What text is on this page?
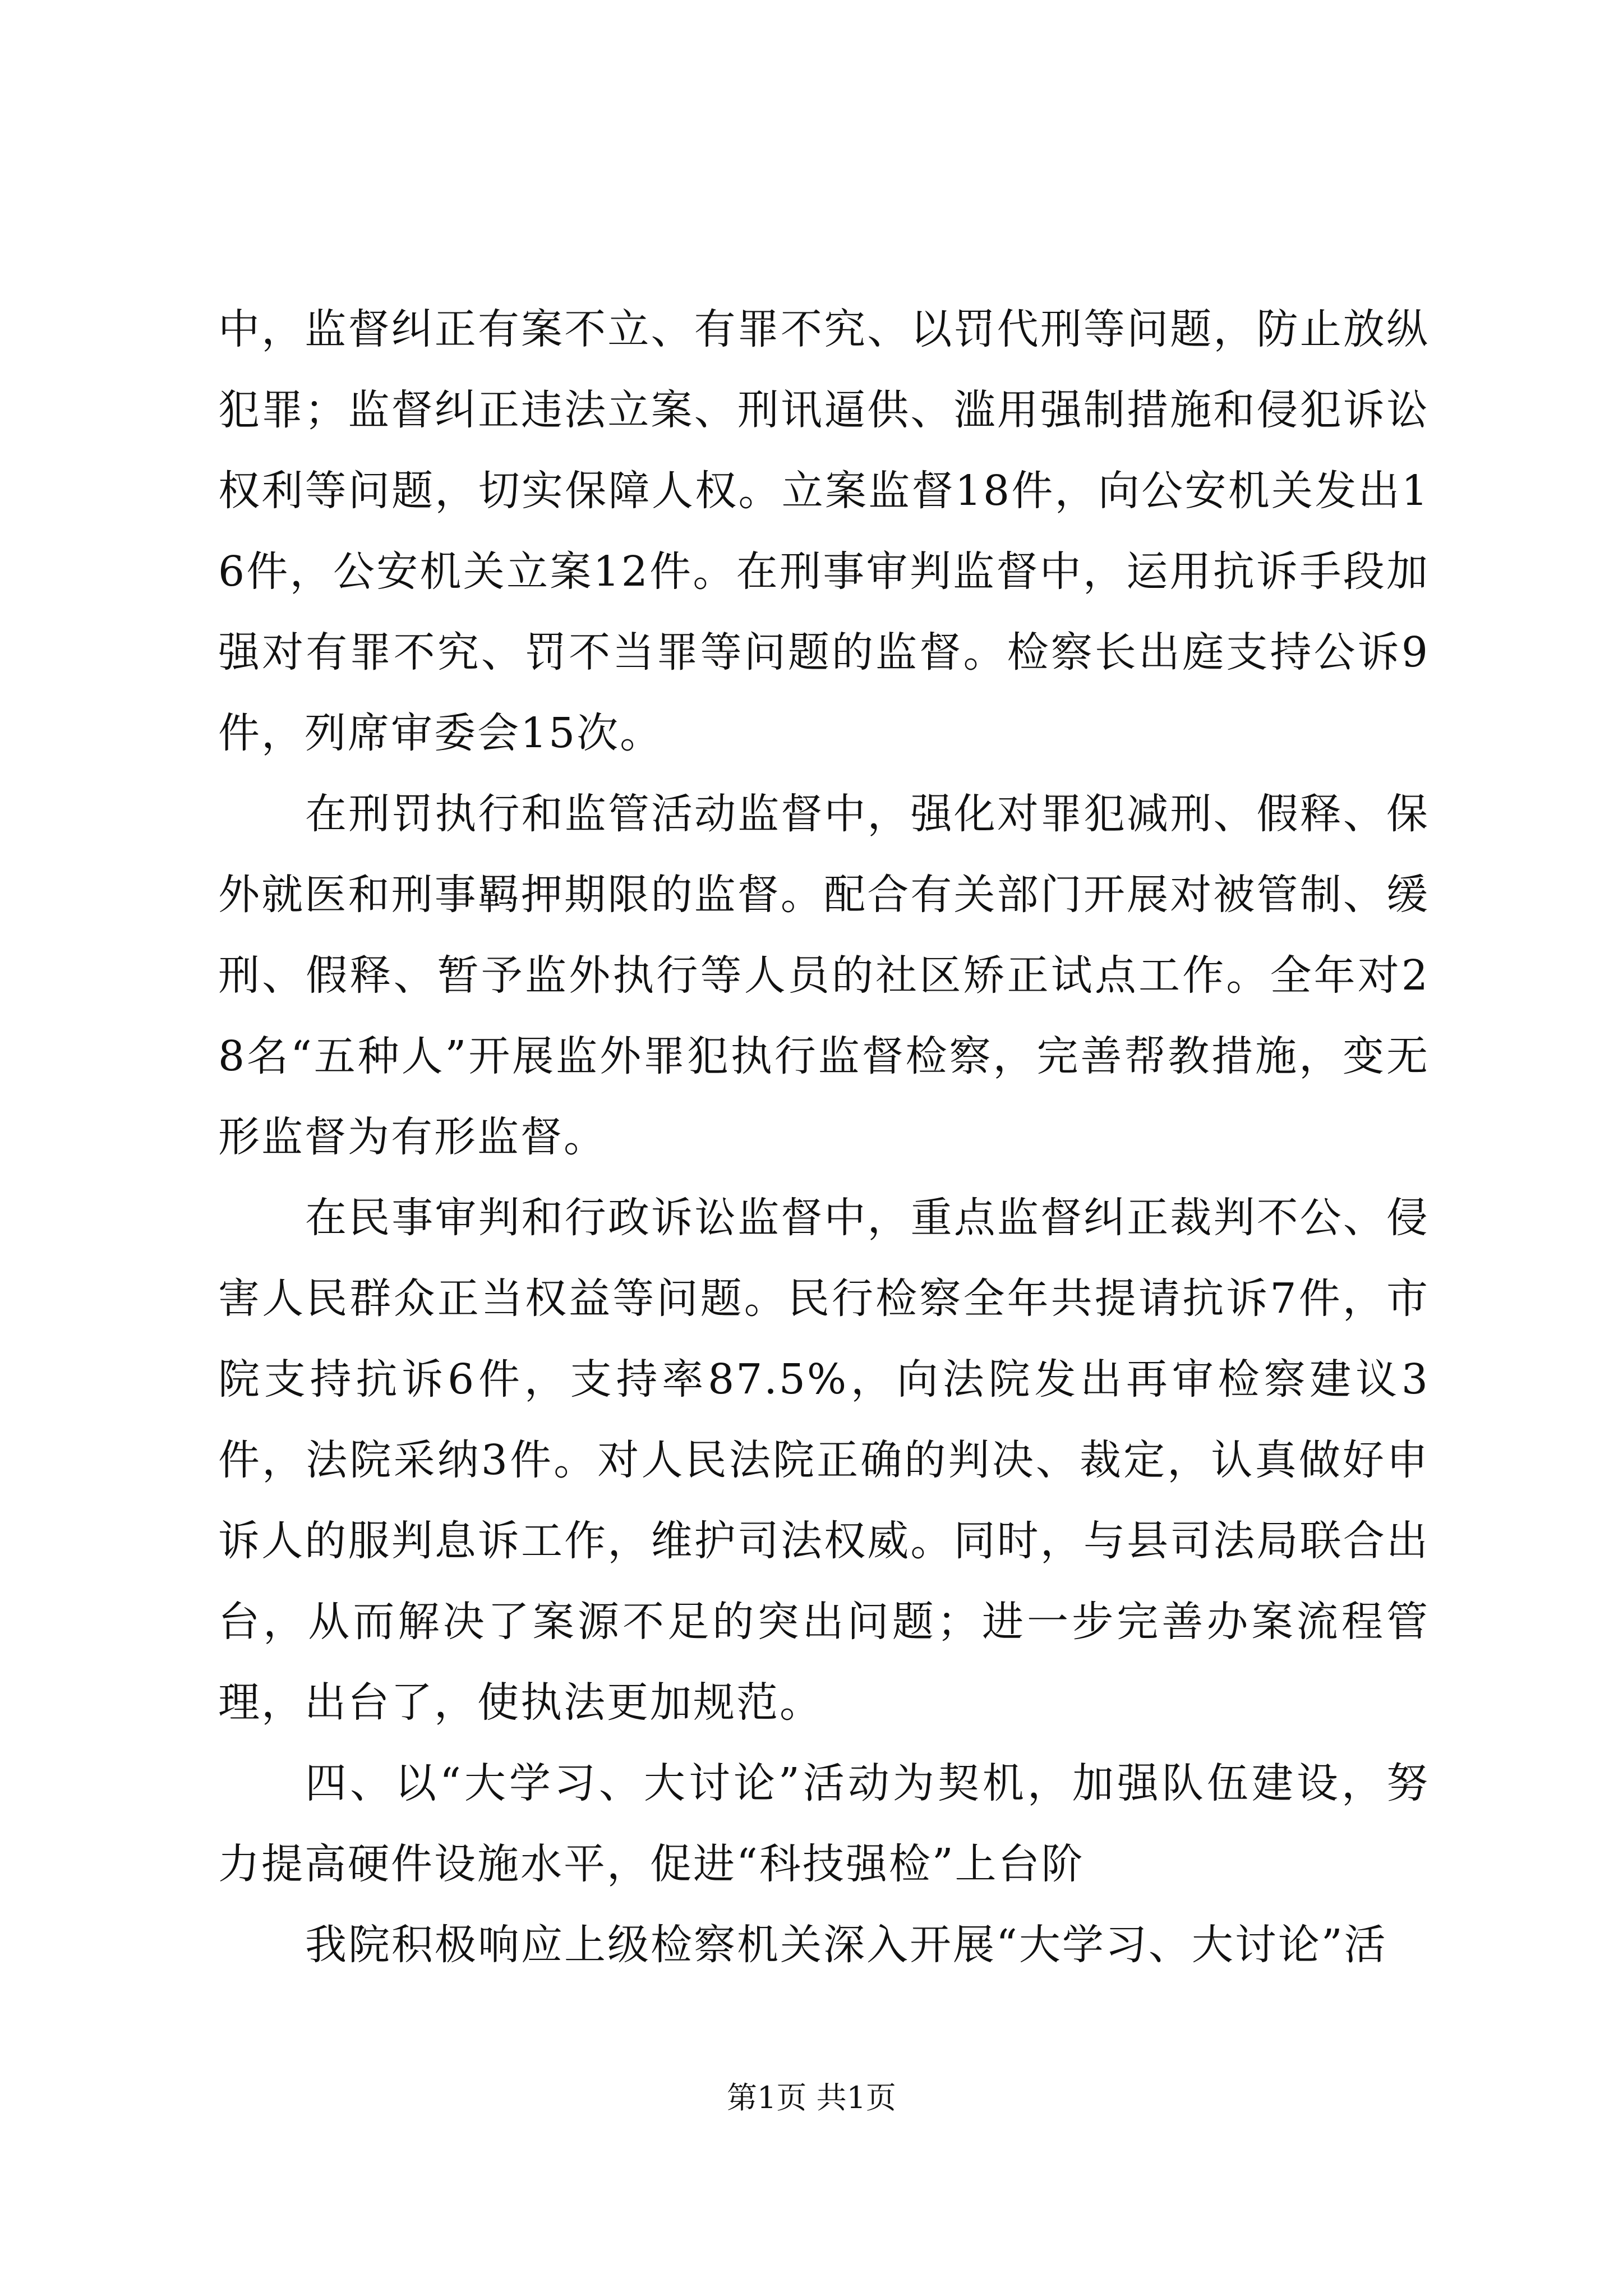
中，监督纠正有案不立、有罪不究、以罚代刑等问题，防止放纵犯罪；监督纠正违法立案、刑讯逼供、滥用强制措施和侵犯诉讼权利等问题，切实保障人权。立案监督18件，向公安机关发出16件，公安机关立案12件。在刑事审判监督中，运用抗诉手段加强对有罪不究、罚不当罪等问题的监督。检察长出庭支持公诉9件，列席审委会15次。

在刑罚执行和监管活动监督中，强化对罪犯减刑、假释、保外就医和刑事羁押期限的监督。配合有关部门开展对被管制、缓刑、假释、暂予监外执行等人员的社区矫正试点工作。全年对28名“五种人”开展监外罪犯执行监督检察，完善帮教措施，变无形监督为有形监督。

在民事审判和行政诉讼监督中，重点监督纠正裁判不公、侵害人民群众正当权益等问题。民行检察全年共提请抗诉7件，市院支持抗诉6件，支持率87.5%，向法院发出再审检察建议3件，法院采纳3件。对人民法院正确的判决、裁定，认真做好申诉人的服判息诉工作，维护司法权威。同时，与县司法局联合出台，从而解决了案源不足的突出问题；进一步完善办案流程管理，出台了，使执法更加规范。

四、以“大学习、大讨论”活动为契机，加强队伍建设，努力提高硬件设施水平，促进“科技强检”上台阶

我院积极响应上级检察机关深入开展“大学习、大讨论”活

第1页 共1页
